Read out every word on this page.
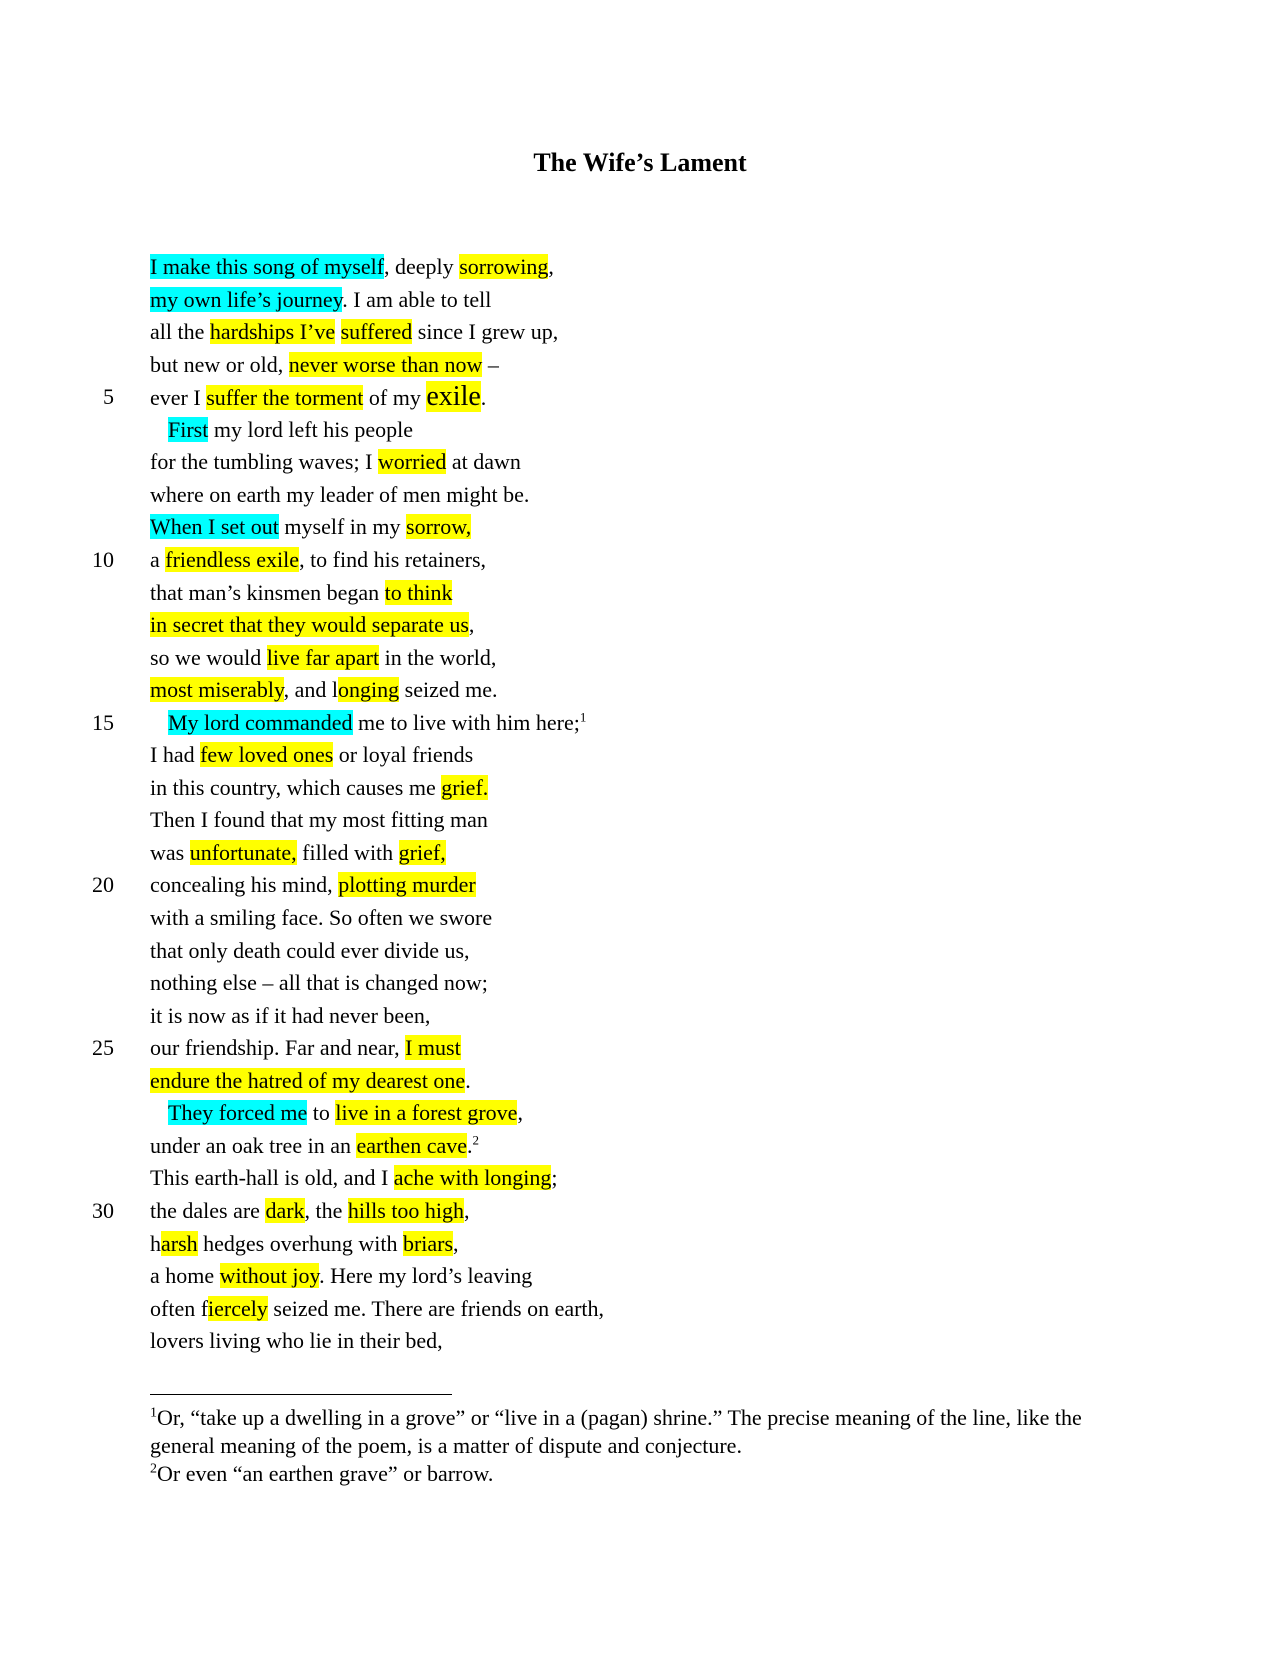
The Wife’s Lament
I make this song of myself, deeply sorrowing,
my own life’s journey. I am able to tell
all the hardships I’ve suffered since I grew up,
but new or old, never worse than now –
5 ever I suffer the torment of my exile.
First my lord left his people
for the tumbling waves; I worried at dawn
where on earth my leader of men might be.
When I set out myself in my sorrow,
10 a friendless exile, to find his retainers,
that man’s kinsmen began to think
in secret that they would separate us,
so we would live far apart in the world,
most miserably, and longing seized me.
15 My lord commanded me to live with him here;$^1$
I had few loved ones or loyal friends
in this country, which causes me grief.
Then I found that my most fitting man
was unfortunate, filled with grief,
20 concealing his mind, plotting murder
with a smiling face. So often we swore
that only death could ever divide us,
nothing else – all that is changed now;
it is now as if it had never been,
25 our friendship. Far and near, I must
endure the hatred of my dearest one.
They forced me to live in a forest grove,
under an oak tree in an earthen cave.$^2$
This earth-hall is old, and I ache with longing;
30 the dales are dark, the hills too high,
harsh hedges overhung with briars,
a home without joy. Here my lord’s leaving
often fiercely seized me. There are friends on earth,
lovers living who lie in their bed,
$^1$Or, “take up a dwelling in a grove” or “live in a (pagan) shrine.” The precise meaning of the line, like the general meaning of the poem, is a matter of dispute and conjecture.
$^2$Or even “an earthen grave” or barrow.
